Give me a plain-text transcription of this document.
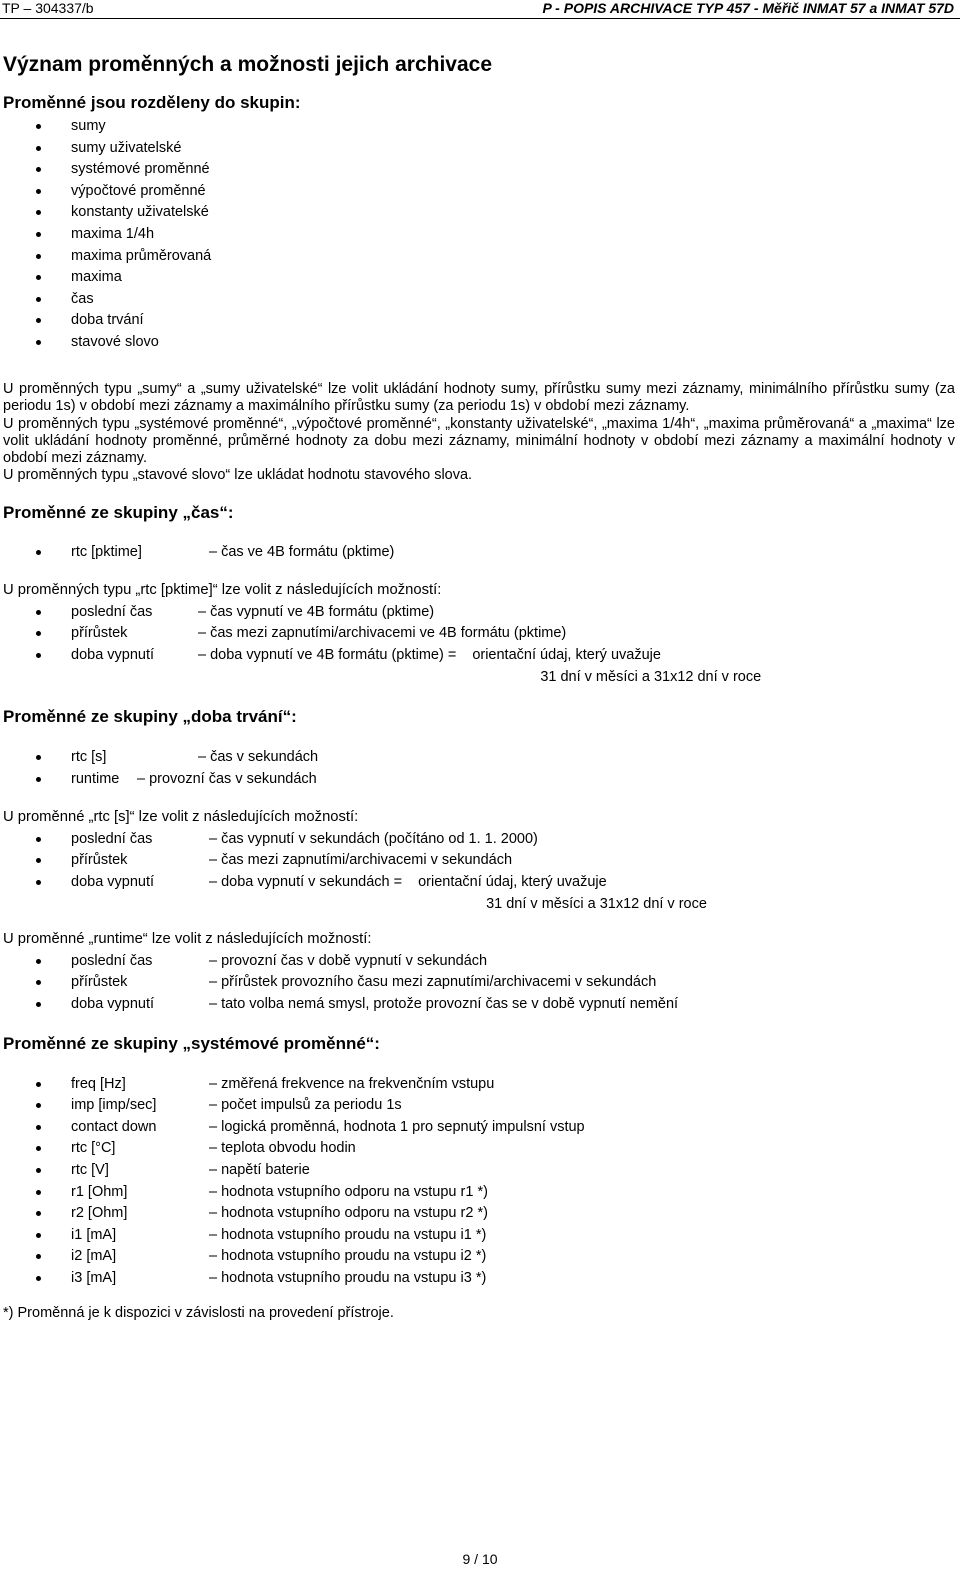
TP – 304337/b	P - POPIS ARCHIVACE TYP 457 - Měřič INMAT 57 a INMAT 57D
Význam proměnných a možnosti jejich archivace
Proměnné jsou rozděleny do skupin:
sumy
sumy uživatelské
systémové proměnné
výpočtové proměnné
konstanty uživatelské
maxima 1/4h
maxima průměrovaná
maxima
čas
doba trvání
stavové slovo

U proměnných typu „sumy“ a „sumy uživatelské“ lze volit ukládání hodnoty sumy, přírůstku sumy mezi záznamy, minimálního přírůstku sumy (za periodu 1s) v období mezi záznamy a maximálního přírůstku sumy (za periodu 1s) v období mezi záznamy.

U proměnných typu „systémové proměnné“, „výpočtové proměnné“, „konstanty uživatelské“, „maxima 1/4h“, „maxima průměrovaná“ a „maxima“ lze volit ukládání hodnoty proměnné, průměrné hodnoty za dobu mezi záznamy, minimální hodnoty v období mezi záznamy a maximální hodnoty v období mezi záznamy.

U proměnných typu „stavové slovo“ lze ukládat hodnotu stavového slova.

Proměnné ze skupiny „čas“:
rtc [pktime]	– čas ve 4B formátu (pktime)

U proměnných typu „rtc [pktime]“ lze volit z následujících možností:

poslední čas	– čas vypnutí ve 4B formátu (pktime)
přírůstek	– čas mezi zapnutími/archivacemi ve 4B formátu (pktime)
doba vypnutí	– doba vypnutí ve 4B formátu (pktime) = orientační údaj, který uvažuje
31 dní v měsíci a 31x12 dní v roce
Proměnné ze skupiny „doba trvání“:
rtc [s]	– čas v sekundách
runtime	– provozní čas v sekundách

U proměnné „rtc [s]“ lze volit z následujících možností:

poslední čas	– čas vypnutí v sekundách (počítáno od 1. 1. 2000)
přírůstek	– čas mezi zapnutími/archivacemi v sekundách
doba vypnutí	– doba vypnutí v sekundách = orientační údaj, který uvažuje
31 dní v měsíci a 31x12 dní v roce

U proměnné „runtime“ lze volit z následujících možností:

poslední čas	– provozní čas v době vypnutí v sekundách
přírůstek	– přírůstek provozního času mezi zapnutími/archivacemi v sekundách
doba vypnutí	– tato volba nemá smysl, protože provozní čas se v době vypnutí nemění
Proměnné ze skupiny „systémové proměnné“:
freq [Hz]	– změřená frekvence na frekvenčním vstupu
imp [imp/sec]	– počet impulsů za periodu 1s
contact down	– logická proměnná, hodnota 1 pro sepnutý impulsní vstup
rtc [°C]	– teplota obvodu hodin
rtc [V]	– napětí baterie
r1 [Ohm]	– hodnota vstupního odporu na vstupu r1 *)
r2 [Ohm]	– hodnota vstupního odporu na vstupu r2 *)
i1 [mA]	– hodnota vstupního proudu na vstupu i1 *)
i2 [mA]	– hodnota vstupního proudu na vstupu i2 *)
i3 [mA]	– hodnota vstupního proudu na vstupu i3 *)

*) Proměnná je k dispozici v závislosti na provedení přístroje.

9 / 10
